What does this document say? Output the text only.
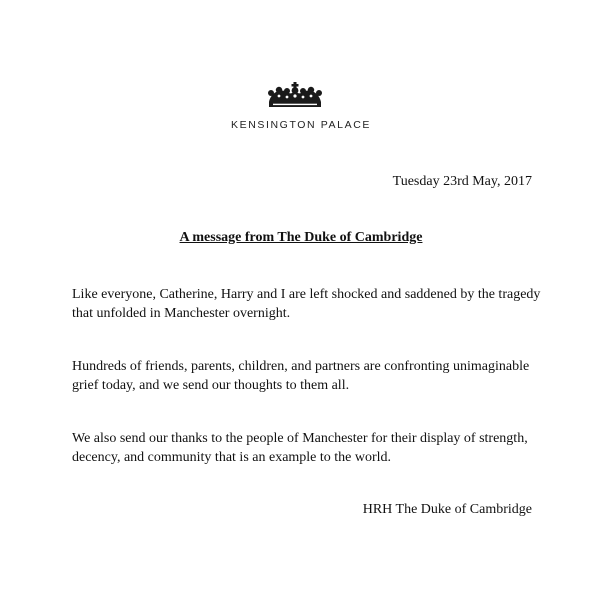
KENSINGTON PALACE
Tuesday 23rd May, 2017
A message from The Duke of Cambridge
Like everyone, Catherine, Harry and I are left shocked and saddened by the tragedy
that unfolded in Manchester overnight.
Hundreds of friends, parents, children, and partners are confronting unimaginable
grief today, and we send our thoughts to them all.
We also send our thanks to the people of Manchester for their display of strength,
decency, and community that is an example to the world.
HRH The Duke of Cambridge
